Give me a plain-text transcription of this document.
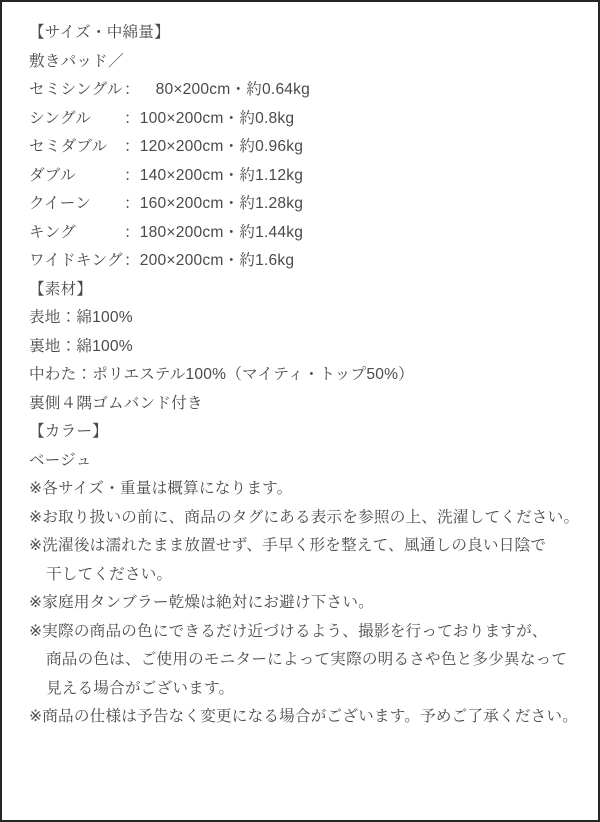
【サイズ・中綿量】
敷きパッド／
セミシングル ： 　80×200cm・約0.64kg
シングル	： 100×200cm・約0.8kg
セミダブル	： 120×200cm・約0.96kg
ダブル	： 140×200cm・約1.12kg
クイーン	： 160×200cm・約1.28kg
キング	： 180×200cm・約1.44kg
ワイドキング ： 200×200cm・約1.6kg
【素材】
表地：綿100%
裏地：綿100%
中わた：ポリエステル100%（マイティ・トップ50%）
裏側４隅ゴムバンド付き
【カラー】
ベージュ
※各サイズ・重量は概算になります。
※お取り扱いの前に、商品のタグにある表示を参照の上、洗濯してください。
※洗濯後は濡れたまま放置せず、手早く形を整えて、風通しの良い日陰で
干してください。
※家庭用タンブラー乾燥は絶対にお避け下さい。
※実際の商品の色にできるだけ近づけるよう、撮影を行っておりますが、
商品の色は、ご使用のモニターによって実際の明るさや色と多少異なって
見える場合がございます。
※商品の仕様は予告なく変更になる場合がございます。予めご了承ください。
